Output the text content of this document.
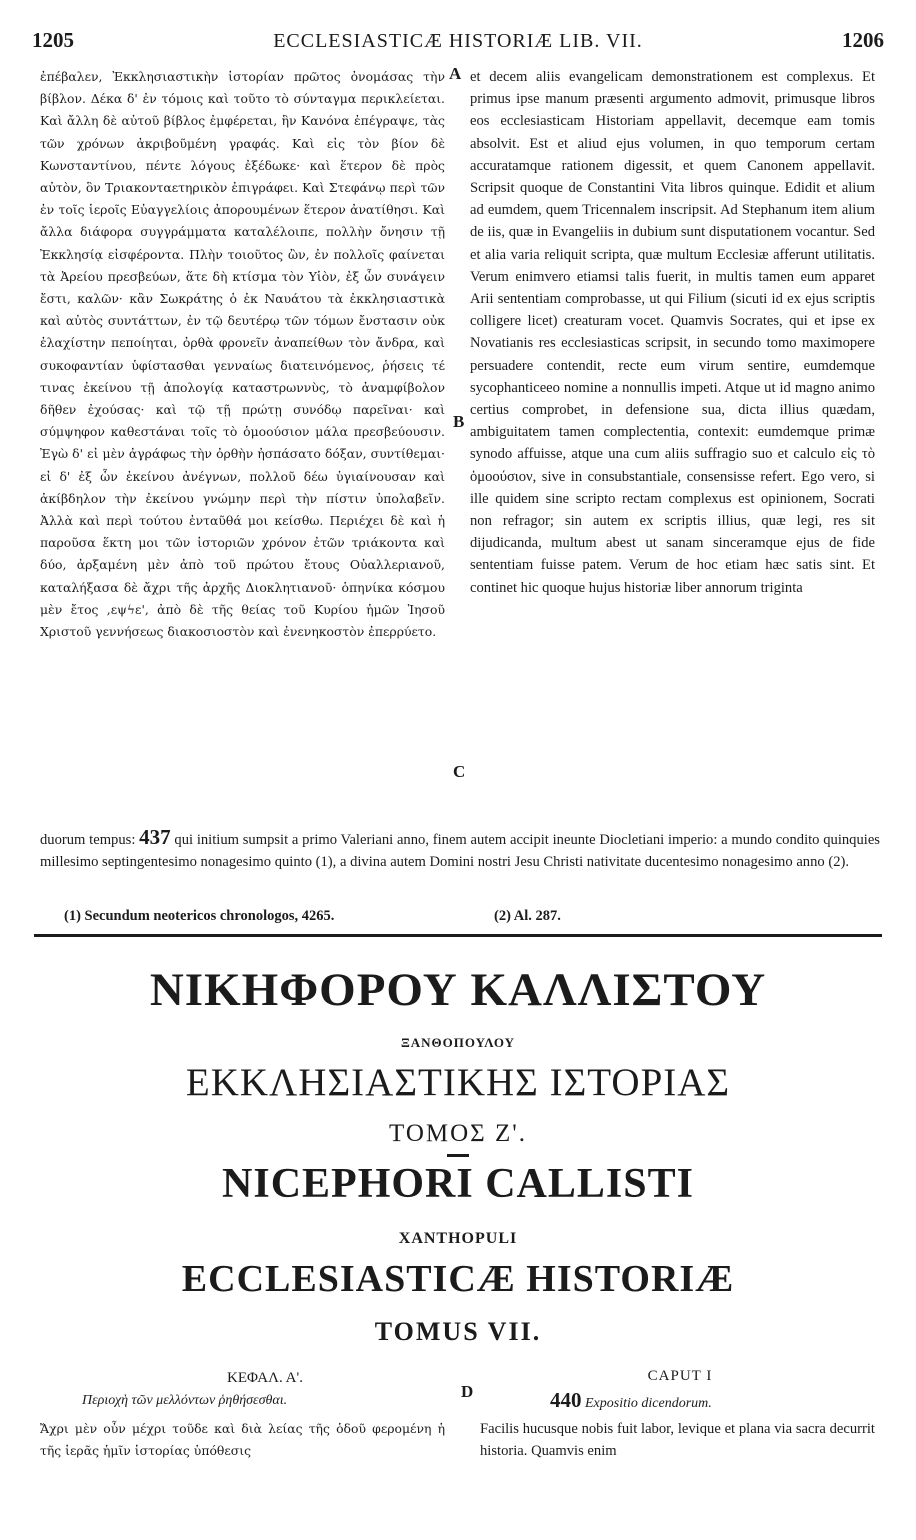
1205	ECCLESIASTICÆ HISTORIÆ LIB. VII.	1206

ἐπέβαλεν, Ἐκκλησιαστικὴν ἱστορίαν πρῶτος ὀνομάσας τὴν βίβλον. Δέκα δ' ἐν τόμοις καὶ τοῦτο τὸ σύνταγμα περικλείεται. Καὶ ἄλλη δὲ αὐτοῦ βίβλος ἐμφέρεται, ἣν Κανόνα ἐπέγραψε, τὰς τῶν χρόνων ἀκριβοῦμένη γραφάς. Καὶ εἰς τὸν βίον δὲ Κωνσταντίνου, πέντε λόγους ἐξέδωκε· καὶ ἕτερον δὲ πρὸς αὐτὸν, ὃν Τριακονταετηρικὸν ἐπιγράφει. Καὶ Στεφάνῳ περὶ τῶν ἐν τοῖς ἱεροῖς Εὐαγγελίοις ἀπορουμένων ἕτερον ἀνατίθησι. Καὶ ἄλλα διάφορα συγγράμματα καταλέλοιπε, πολλὴν ὄνησιν τῇ Ἐκκλησίᾳ εἰσφέροντα. Πλὴν τοιοῦτος ὢν, ἐν πολλοῖς φαίνεται τὰ Ἀρείου πρεσβεύων, ἅτε δὴ κτίσμα τὸν Υἱὸν, ἐξ ὧν συνάγειν ἔστι, καλῶν· κἂν Σωκράτης ὁ ἐκ Ναυάτου τὰ ἐκκλησιαστικὰ καὶ αὐτὸς συντάττων, ἐν τῷ δευτέρῳ τῶν τόμων ἔνστασιν οὐκ ἐλαχίστην πεποίηται, ὀρθὰ φρονεῖν ἀναπείθων τὸν ἄνδρα, καὶ συκοφαντίαν ὑφίστασθαι γενναίως διατεινόμενος, ῥήσεις τέ τινας ἐκείνου τῇ ἀπολογίᾳ καταστρωννὺς, τὸ ἀναμφίβολον δῆθεν ἐχούσας· καὶ τῷ τῇ πρώτῃ συνόδῳ παρεῖναι· καὶ σύμψηφον καθεστάναι τοῖς τὸ ὁμοούσιον μάλα πρεσβεύουσιν. Ἐγὼ δ' εἰ μὲν ἀγράφως τὴν ὀρθὴν ἠσπάσατο δόξαν, συντίθεμαι· εἰ δ' ἐξ ὧν ἐκείνου ἀνέγνων, πολλοῦ δέω ὑγιαίνουσαν καὶ ἀκίβδηλον τὴν ἐκείνου γνώμην περὶ τὴν πίστιν ὑπολαβεῖν. Ἀλλὰ καὶ περὶ τούτου ἐνταῦθά μοι κείσθω. Περιέχει δὲ καὶ ἡ παροῦσα ἕκτη μοι τῶν ἱστοριῶν χρόνον ἐτῶν τριάκοντα καὶ δύο, ἀρξαμένη μὲν ἀπὸ τοῦ πρώτου ἔτους Οὐαλλεριανοῦ, καταλήξασα δὲ ἄχρι τῆς ἀρχῆς Διοκλητιανοῦ· ὁπηνίκα κόσμου μὲν ἔτος ,εψϟε', ἀπὸ δὲ τῆς θείας τοῦ Κυρίου ἡμῶν Ἰησοῦ Χριστοῦ γεννήσεως διακοσιοστὸν καὶ ἐνενηκοστὸν ἐπερρύετο.

et decem aliis evangelicam demonstrationem est complexus. Et primus ipse manum præsenti argumento admovit, primusque libros eos ecclesiasticam Historiam appellavit, decemque eam tomis absolvit. Est et aliud ejus volumen, in quo temporum certam accuratamque rationem digessit, et quem Canonem appellavit. Scripsit quoque de Constantini Vita libros quinque. Edidit et alium ad eumdem, quem Tricennalem inscripsit. Ad Stephanum item alium de iis, quæ in Evangeliis in dubium sunt disputationem vocantur. Sed et alia varia reliquit scripta, quæ multum Ecclesiæ afferunt utilitatis. Verum enimvero etiamsi talis fuerit, in multis tamen eum apparet Arii sententiam comprobasse, ut qui Filium (sicuti id ex ejus scriptis colligere licet) creaturam vocet. Quamvis Socrates, qui et ipse ex Novatianis res ecclesiasticas scripsit, in secundo tomo maximopere persuadere contendit, recte eum virum sentire, eumdemque sycophanticeeo nomine a nonnullis impeti. Atque ut id magno animo certius comprobet, in defensione sua, dicta illius quædam, ambiguitatem tamen complectentia, contexit: eumdemque primæ synodo affuisse, atque una cum aliis suffragio suo et calculo εἰς τὸ ὁμοούσιον, sive in consubstantiale, consensisse refert. Ego vero, si ille quidem sine scripto rectam complexus est opinionem, Socrati non refragor; sin autem ex scriptis illius, quæ legi, res sit dijudicanda, multum abest ut sanam sinceramque ejus de fide sententiam fuisse patem. Verum de hoc etiam hæc satis sint. Et continet hic quoque hujus historiæ liber annorum triginta

A
B
C
duorum tempus: 437 qui initium sumpsit a primo Valeriani anno, finem autem accipit ineunte Diocletiani imperio: a mundo condito quinquies millesimo septingentesimo nonagesimo quinto (1), a divina autem Domini nostri Jesu Christi nativitate ducentesimo nonagesimo anno (2).
(1) Secundum neotericos chronologos, 4265.	(2) Al. 287.
ΝΙΚΗΦΟΡΟΥ ΚΑΛΛΙΣΤΟΥ
ΞΑΝΘΟΠΟΥΛΟΥ
ΕΚΚΛΗΣΙΑΣΤΙΚΗΣ ΙΣΤΟΡΙΑΣ
ΤΟΜΟΣ Ζ'.
NICEPHORI CALLISTI
XANTHOPULI
ECCLESIASTICÆ HISTORIÆ
TOMUS VII.
ΚΕΦΑΛ. Α'.	CAPUT I
D
Περιοχὴ τῶν μελλόντων ῥηθήσεσθαι.	440 Expositio dicendorum.

Ἄχρι μὲν οὖν μέχρι τοῦδε καὶ διὰ λείας τῆς ὁδοῦ φερομένη ἡ τῆς ἱερᾶς ἡμῖν ἱστορίας ὑπόθεσις

Facilis hucusque nobis fuit labor, levique et plana via sacra decurrit historia. Quamvis enim
